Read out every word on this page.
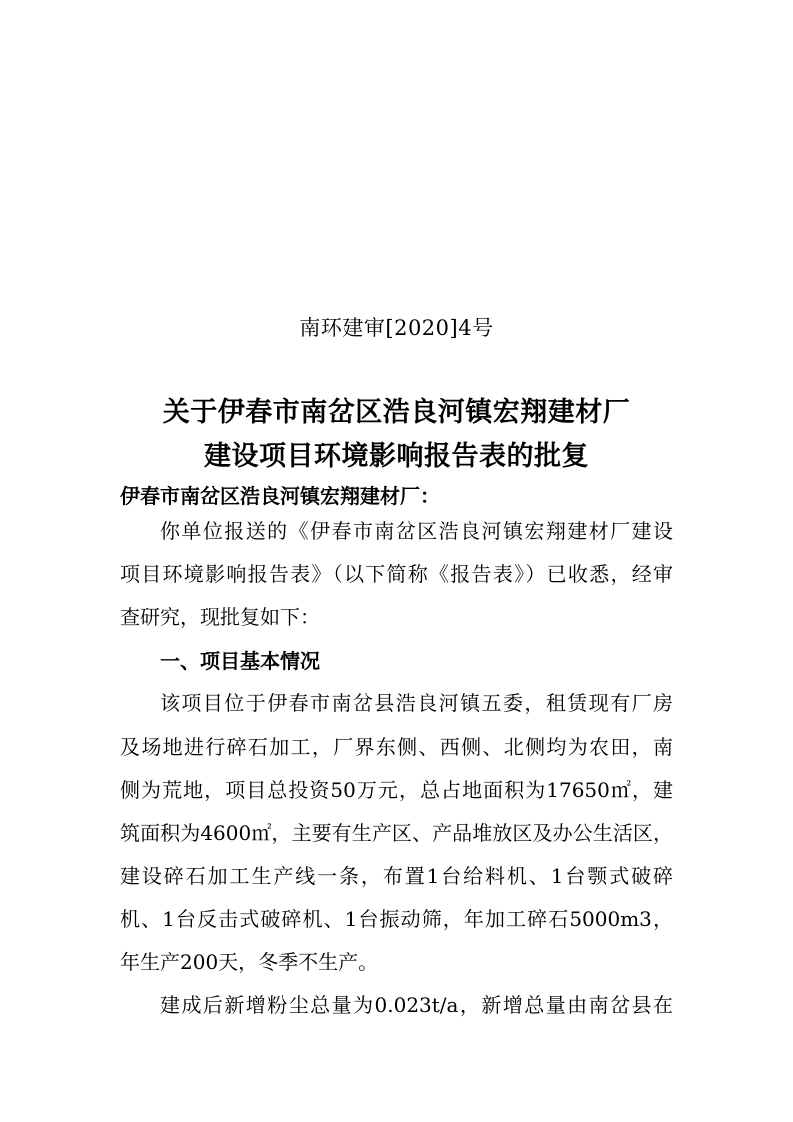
南环建审[2020]4号
关于伊春市南岔区浩良河镇宏翔建材厂
建设项目环境影响报告表的批复
伊春市南岔区浩良河镇宏翔建材厂：
你单位报送的《伊春市南岔区浩良河镇宏翔建材厂建设
项目环境影响报告表》（以下简称《报告表》）已收悉，经审
查研究，现批复如下：
一、项目基本情况
该项目位于伊春市南岔县浩良河镇五委，租赁现有厂房
及场地进行碎石加工，厂界东侧、西侧、北侧均为农田，南
侧为荒地，项目总投资50万元，总占地面积为17650㎡，建
筑面积为4600㎡，主要有生产区、产品堆放区及办公生活区，
建设碎石加工生产线一条，布置1台给料机、1台颚式破碎
机、1台反击式破碎机、1台振动筛，年加工碎石5000m3，
年生产200天，冬季不生产。
建成后新增粉尘总量为0.023t/a，新增总量由南岔县在
